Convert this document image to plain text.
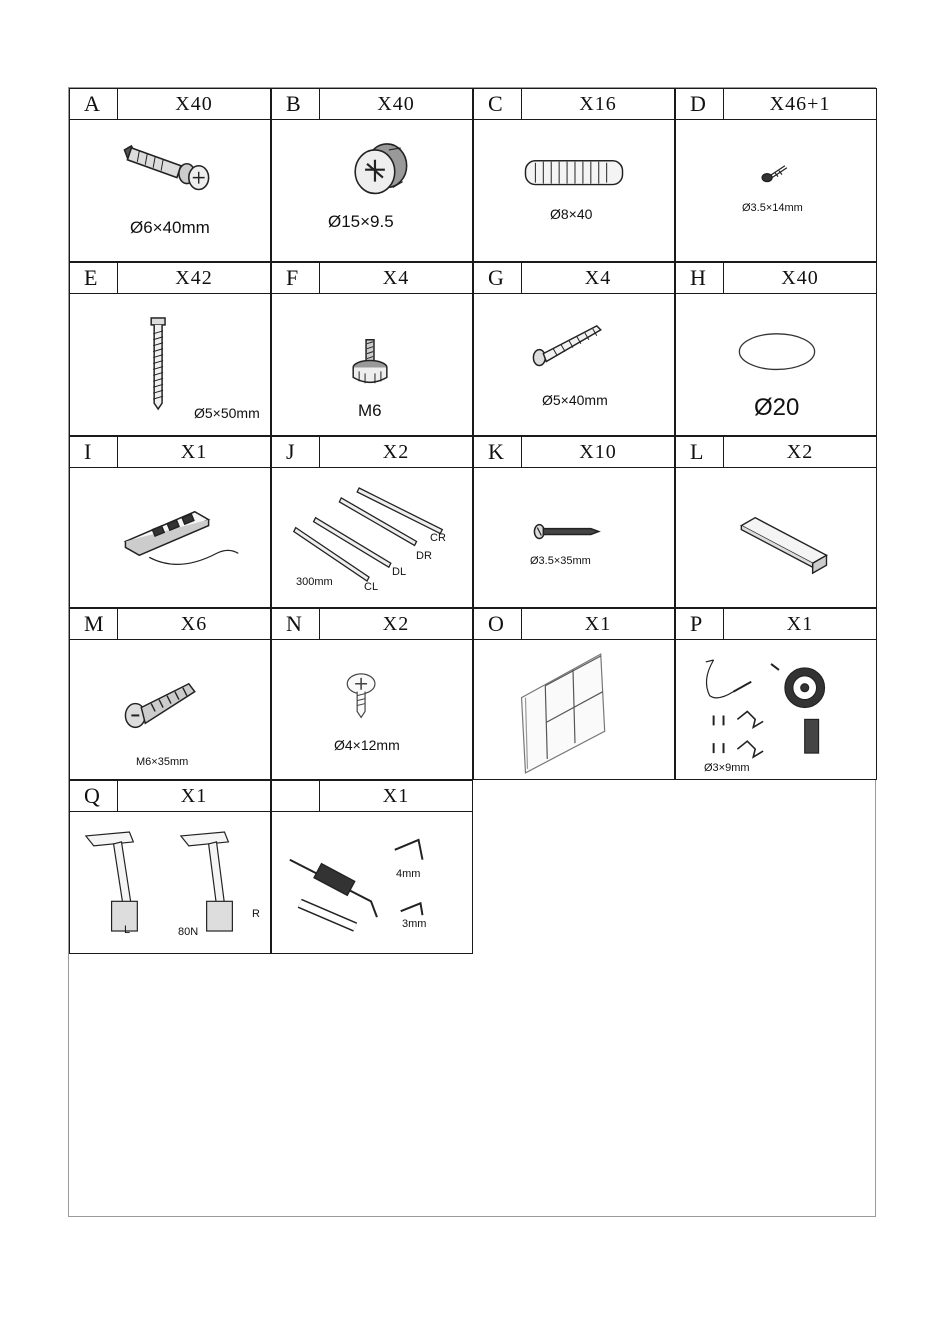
A	X40
Ø6×40mm
B	X40
Ø15×9.5
C	X16
Ø8×40
D	X46+1
Ø3.5×14mm
E	X42
Ø5×50mm
F	X4
M6
G	X4
Ø5×40mm
H	X40
Ø20
I	X1	J	X2
CR
DR
DL
CL
300mm
K	X10
Ø3.5×35mm
L	X2
M	X6
M6×35mm
N	X2
Ø4×12mm
O	X1	P	X1
Ø3×9mm
Q	X1
L	80N
R
X1
4mm
3mm
